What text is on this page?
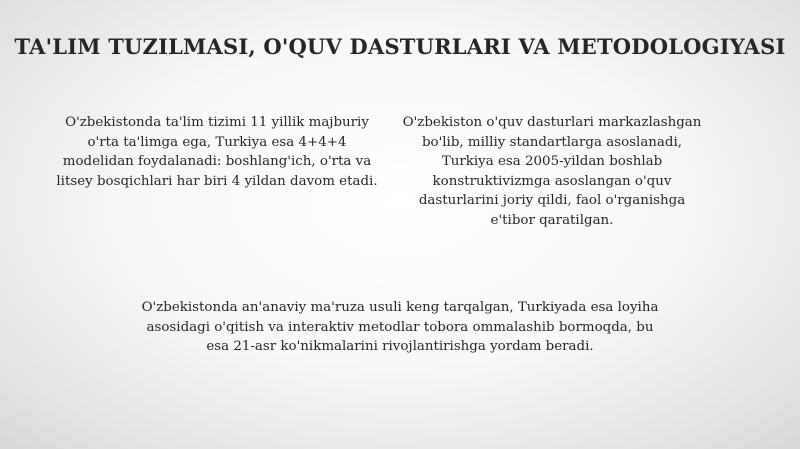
TA'LIM TUZILMASI, O'QUV DASTURLARI VA METODOLOGIYASI
O'zbekistonda ta'lim tizimi 11 yillik majburiy o'rta ta'limga ega, Turkiya esa 4+4+4 modelidan foydalanadi: boshlang'ich, o'rta va litsey bosqichlari har biri 4 yildan davom etadi.
O'zbekiston o'quv dasturlari markazlashgan bo'lib, milliy standartlarga asoslanadi, Turkiya esa 2005-yildan boshlab konstruktivizmga asoslangan o'quv dasturlarini joriy qildi, faol o'rganishga e'tibor qaratilgan.
O'zbekistonda an'anaviy ma'ruza usuli keng tarqalgan, Turkiyada esa loyiha asosidagi o'qitish va interaktiv metodlar tobora ommalashib bormoqda, bu esa 21-asr ko'nikmalarini rivojlantirishga yordam beradi.
